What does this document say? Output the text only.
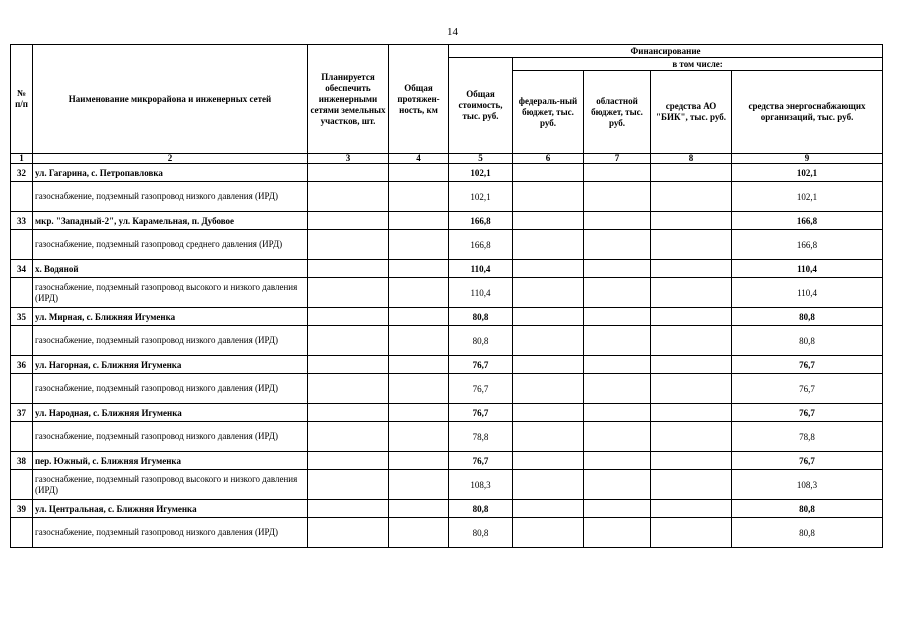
14
№ п/п	Наименование микрорайона и инженерных сетей	Планируется обеспечить инженерными сетями земельных участков, шт.	Общая протяжен-ность, км	Финансирование				
				Общая стоимость, тыс. руб.	в том числе:			
					федераль-ный бюджет, тыс. руб.	областной бюджет, тыс. руб.	средства АО "БИК", тыс. руб.	средства энергоснабжающих организаций, тыс. руб.
1	2	3	4	5	6	7	8	9
32	ул. Гагарина, с. Петропавловка			102,1				102,1
	газоснабжение, подземный газопровод низкого давления (ИРД)			102,1				102,1
33	мкр. "Западный-2", ул. Карамельная, п. Дубовое			166,8				166,8
	газоснабжение, подземный газопровод среднего давления (ИРД)			166,8				166,8
34	х. Водяной			110,4				110,4
	газоснабжение, подземный газопровод высокого и низкого давления (ИРД)			110,4				110,4
35	ул. Мирная, с. Ближняя Игуменка			80,8				80,8
	газоснабжение, подземный газопровод низкого давления (ИРД)			80,8				80,8
36	ул. Нагорная, с. Ближняя Игуменка			76,7				76,7
	газоснабжение, подземный газопровод низкого давления (ИРД)			76,7				76,7
37	ул. Народная, с. Ближняя Игуменка			76,7				76,7
	газоснабжение, подземный газопровод низкого давления (ИРД)			78,8				78,8
38	пер. Южный, с. Ближняя Игуменка			76,7				76,7
	газоснабжение, подземный газопровод высокого и низкого давления (ИРД)			108,3				108,3
39	ул. Центральная, с. Ближняя Игуменка			80,8				80,8
	газоснабжение, подземный газопровод низкого давления (ИРД)			80,8				80,8
